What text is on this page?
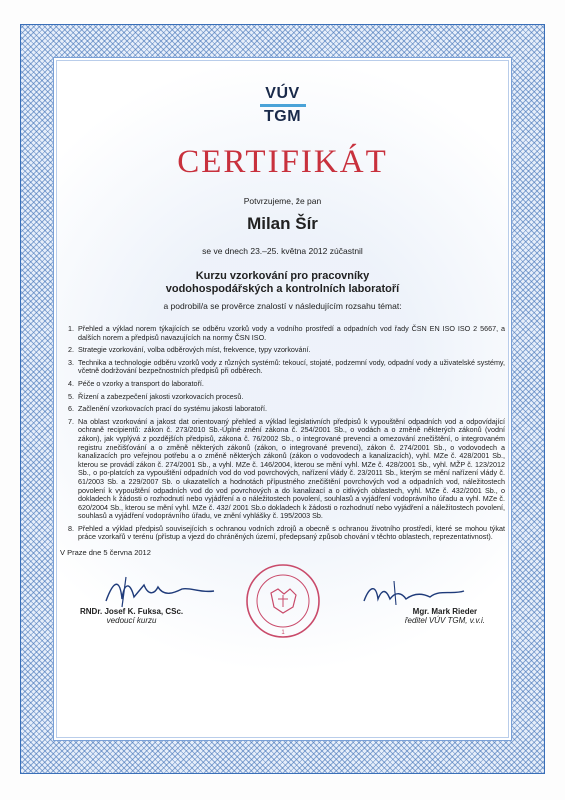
VÚV
TGM
CERTIFIKÁT
Potvrzujeme, že pan
Milan Šír
se ve dnech 23.–25. května 2012 zúčastnil
Kurzu vzorkování pro pracovníky
vodohospodářských a kontrolních laboratoří
a podrobil/a se prověrce znalostí v následujícím rozsahu témat:
1. Přehled a výklad norem týkajících se odběru vzorků vody a vodního prostředí a odpadních vod řady ČSN EN ISO ISO 2 5667, a dalších norem a předpisů navazujících na normy ČSN ISO.
2. Strategie vzorkování, volba odběrových míst, frekvence, typy vzorkování.
3. Technika a technologie odběru vzorků vody z různých systémů: tekoucí, stojaté, podzemní vody, odpadní vody a uživatelské systémy, včetně dodržování bezpečnostních předpisů při odběrech.
4. Péče o vzorky a transport do laboratoří.
5. Řízení a zabezpečení jakosti vzorkovacích procesů.
6. Začlenění vzorkovacích prací do systému jakosti laboratoří.
7. Na oblast vzorkování a jakost dat orientovaný přehled a výklad legislativních předpisů k vypouštění odpadních vod a odpovídající ochraně recipientů: zákon č. 273/2010 Sb.-Úplné znění zákona č. 254/2001 Sb., o vodách a o změně některých zákonů (vodní zákon), jak vyplývá z pozdějších předpisů, zákona č. 76/2002 Sb., o integrované prevenci a omezování znečištění, o integrovaném registru znečišťování a o změně některých zákonů (zákon, o integrované prevenci), zákon č. 274/2001 Sb., o vodovodech a kanalizacích pro veřejnou potřebu a o změně některých zákonů (zákon o vodovodech a kanalizacích), vyhl. MZe č. 428/2001 Sb., kterou se provádí zákon č. 274/2001 Sb., a vyhl. MZe č. 146/2004, kterou se mění vyhl. MZe č. 428/2001 Sb., vyhl. MŽP č. 123/2012 Sb., o po-platcích za vypouštění odpadních vod do vod povrchových, nařízení vlády č. 23/2011 Sb., kterým se mění nařízení vlády č. 61/2003 Sb. a 229/2007 Sb. o ukazatelích a hodnotách přípustného znečištění povrchových vod a odpadních vod, náležitostech povolení k vypouštění odpadních vod do vod povrchových a do kanalizací a o citlivých oblastech, vyhl. MZe č. 432/2001 Sb., o dokladech k žádosti o rozhodnutí nebo vyjádření a o náležitostech povolení, souhlasů a vyjádření vodoprávního úřadu a vyhl. MZe č. 620/2004 Sb., kterou se mění vyhl. MZe č. 432/ 2001 Sb.o dokladech k žádosti o rozhodnutí nebo vyjádření a náležitostech povolení, souhlasů a vyjádření vodoprávního úřadu, ve znění vyhlášky č. 195/2003 Sb.
8. Přehled a výklad předpisů souvisejících s ochranou vodních zdrojů a obecně s ochranou životního prostředí, které se mohou týkat práce vzorkařů v terénu (přístup a vjezd do chráněných území, předepsaný způsob chování v těchto oblastech, reprezentativnost).
V Praze dne 5 června 2012
1
RNDr. Josef K. Fuksa, CSc.
vedoucí kurzu
Mgr. Mark Rieder
ředitel VÚV TGM, v.v.i.
